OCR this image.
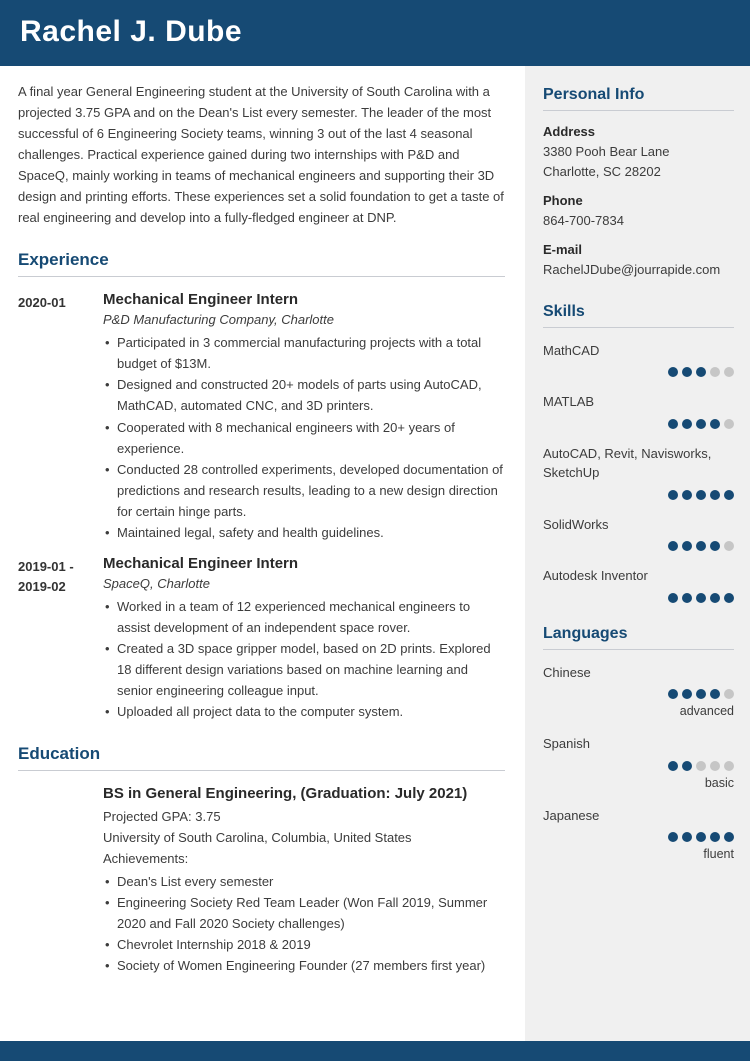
Rachel J. Dube

A final year General Engineering student at the University of South Carolina with a projected 3.75 GPA and on the Dean's List every semester. The leader of the most successful of 6 Engineering Society teams, winning 3 out of the last 4 seasonal challenges. Practical experience gained during two internships with P&D and SpaceQ, mainly working in teams of mechanical engineers and supporting their 3D design and printing efforts. These experiences set a solid foundation to get a taste of real engineering and develop into a fully-fledged engineer at DNP.

Experience
2020-01	Mechanical Engineer Intern
P&D Manufacturing Company, Charlotte
• Participated in 3 commercial manufacturing projects with a total budget of $13M.
• Designed and constructed 20+ models of parts using AutoCAD, MathCAD, automated CNC, and 3D printers.
• Cooperated with 8 mechanical engineers with 20+ years of experience.
• Conducted 28 controlled experiments, developed documentation of predictions and research results, leading to a new design direction for certain hinge parts.
• Maintained legal, safety and health guidelines.
2019-01 - 2019-02
Mechanical Engineer Intern
SpaceQ, Charlotte
• Worked in a team of 12 experienced mechanical engineers to assist development of an independent space rover.
• Created a 3D space gripper model, based on 2D prints. Explored 18 different design variations based on machine learning and senior engineering colleague input.
• Uploaded all project data to the computer system.
Education
BS in General Engineering, (Graduation: July 2021)
Projected GPA: 3.75
University of South Carolina, Columbia, United States
Achievements:
• Dean's List every semester
• Engineering Society Red Team Leader (Won Fall 2019, Summer 2020 and Fall 2020 Society challenges)
• Chevrolet Internship 2018 & 2019
• Society of Women Engineering Founder (27 members first year)
Personal Info
Address
3380 Pooh Bear Lane
Charlotte, SC 28202
Phone
864-700-7834
E-mail
RachelJDube@jourrapide.com
Skills
MathCAD
MATLAB
AutoCAD, Revit, Navisworks, SketchUp
SolidWorks
Autodesk Inventor
Languages
Chinese
advanced
Spanish
basic
Japanese
fluent
